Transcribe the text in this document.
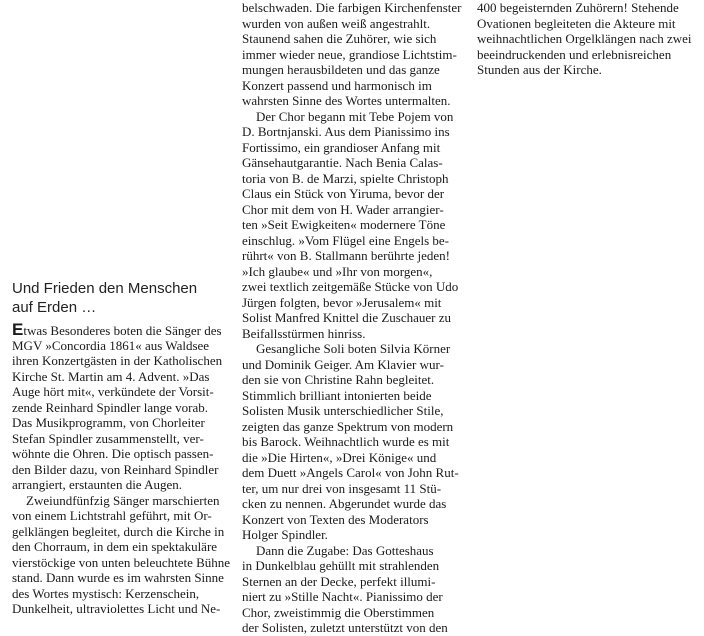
Und Frieden den Menschen
auf Erden …
Etwas Besonderes boten die Sänger des
MGV »Concordia 1861« aus Waldsee
ihren Konzertgästen in der Katholischen
Kirche St. Martin am 4. Advent. »Das
Auge hört mit«, verkündete der Vorsit-
zende Reinhard Spindler lange vorab.
Das Musikprogramm, von Chorleiter
Stefan Spindler zusammenstellt, ver-
wöhnte die Ohren. Die optisch passen-
den Bilder dazu, von Reinhard Spindler
arrangiert, erstaunten die Augen.
Zweiundfünfzig Sänger marschierten
von einem Lichtstrahl geführt, mit Or-
gelklängen begleitet, durch die Kirche in
den Chorraum, in dem ein spektakuläre
vierstöckige von unten beleuchtete Bühne
stand. Dann wurde es im wahrsten Sinne
des Wortes mystisch: Kerzenschein,
Dunkelheit, ultraviolettes Licht und Ne-
belschwaden. Die farbigen Kirchenfenster
wurden von außen weiß angestrahlt.
Staunend sahen die Zuhörer, wie sich
immer wieder neue, grandiose Lichtstim-
mungen herausbildeten und das ganze
Konzert passend und harmonisch im
wahrsten Sinne des Wortes untermalten.
Der Chor begann mit Tebe Pojem von
D. Bortnjanski. Aus dem Pianissimo ins
Fortissimo, ein grandioser Anfang mit
Gänsehautgarantie. Nach Benia Calas-
toria von B. de Marzi, spielte Christoph
Claus ein Stück von Yiruma, bevor der
Chor mit dem von H. Wader arrangier-
ten »Seit Ewigkeiten« modernere Töne
einschlug. »Vom Flügel eine Engels be-
rührt« von B. Stallmann berührte jeden!
»Ich glaube« und »Ihr von morgen«,
zwei textlich zeitgemäße Stücke von Udo
Jürgen folgten, bevor »Jerusalem« mit
Solist Manfred Knittel die Zuschauer zu
Beifallsstürmen hinriss.
Gesangliche Soli boten Silvia Körner
und Dominik Geiger. Am Klavier wur-
den sie von Christine Rahn begleitet.
Stimmlich brilliant intonierten beide
Solisten Musik unterschiedlicher Stile,
zeigten das ganze Spektrum von modern
bis Barock. Weihnachtlich wurde es mit
die »Die Hirten«, »Drei Könige« und
dem Duett »Angels Carol« von John Rut-
ter, um nur drei von insgesamt 11 Stü-
cken zu nennen. Abgerundet wurde das
Konzert von Texten des Moderators
Holger Spindler.
Dann die Zugabe: Das Gotteshaus
in Dunkelblau gehüllt mit strahlenden
Sternen an der Decke, perfekt illumi-
niert zu »Stille Nacht«. Pianissimo der
Chor, zweistimmig die Oberstimmen
der Solisten, zuletzt unterstützt von den
400 begeisternden Zuhörern! Stehende
Ovationen begleiteten die Akteure mit
weihnachtlichen Orgelklängen nach zwei
beeindruckenden und erlebnisreichen
Stunden aus der Kirche.
